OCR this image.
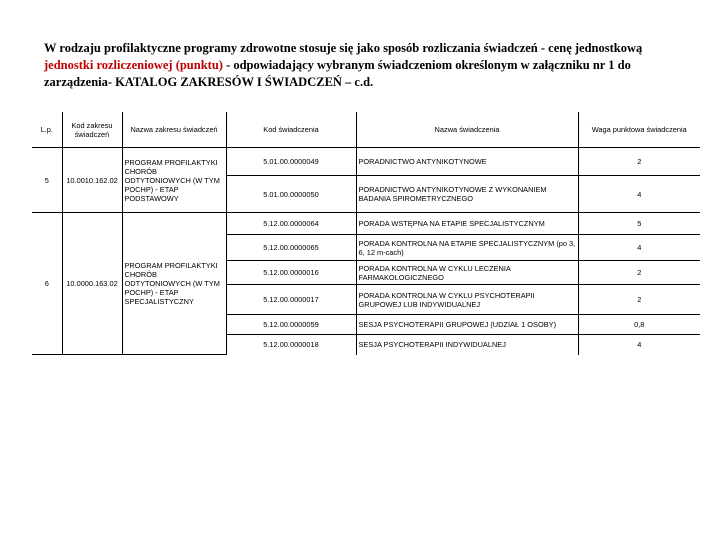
W rodzaju profilaktyczne programy zdrowotne stosuje się jako sposób rozliczania świadczeń - cenę jednostkową jednostki rozliczeniowej (punktu) - odpowiadający wybranym świadczeniom określonym w załączniku nr 1 do zarządzenia- KATALOG ZAKRESÓW I ŚWIADCZEŃ – c.d.
L.p.	Kod zakresu świadczeń	Nazwa zakresu świadczeń	Kod świadczenia	Nazwa świadczenia	Waga punktowa świadczenia
5	10.0010.162.02	PROGRAM PROFILAKTYKI CHORÓB ODTYTONIOWYCH (W TYM POCHP) - ETAP PODSTAWOWY	5.01.00.0000049	PORADNICTWO ANTYNIKOTYNOWE	2
			5.01.00.0000050	PORADNICTWO ANTYNIKOTYNOWE Z WYKONANIEM BADANIA SPIROMETRYCZNEGO	4
6	10.0000.163.02	PROGRAM PROFILAKTYKI CHORÓB ODTYTONIOWYCH (W TYM POCHP) - ETAP SPECJALISTYCZNY	5.12.00.0000064	PORADA WSTĘPNA NA ETAPIE SPECJALISTYCZNYM	5
			5.12.00.0000065	PORADA KONTROLNA NA ETAPIE SPECJALISTYCZNYM (po 3, 6, 12 m-cach)	4
			5.12.00.0000016	PORADA KONTROLNA W CYKLU LECZENIA FARMAKOLOGICZNEGO	2
			5.12.00.0000017	PORADA KONTROLNA W CYKLU PSYCHOTERAPII GRUPOWEJ LUB INDYWIDUALNEJ	2
			5.12.00.0000059	SESJA PSYCHOTERAPII GRUPOWEJ (UDZIAŁ 1 OSOBY)	0,8
			5.12.00.0000018	SESJA PSYCHOTERAPII INDYWIDUALNEJ	4
